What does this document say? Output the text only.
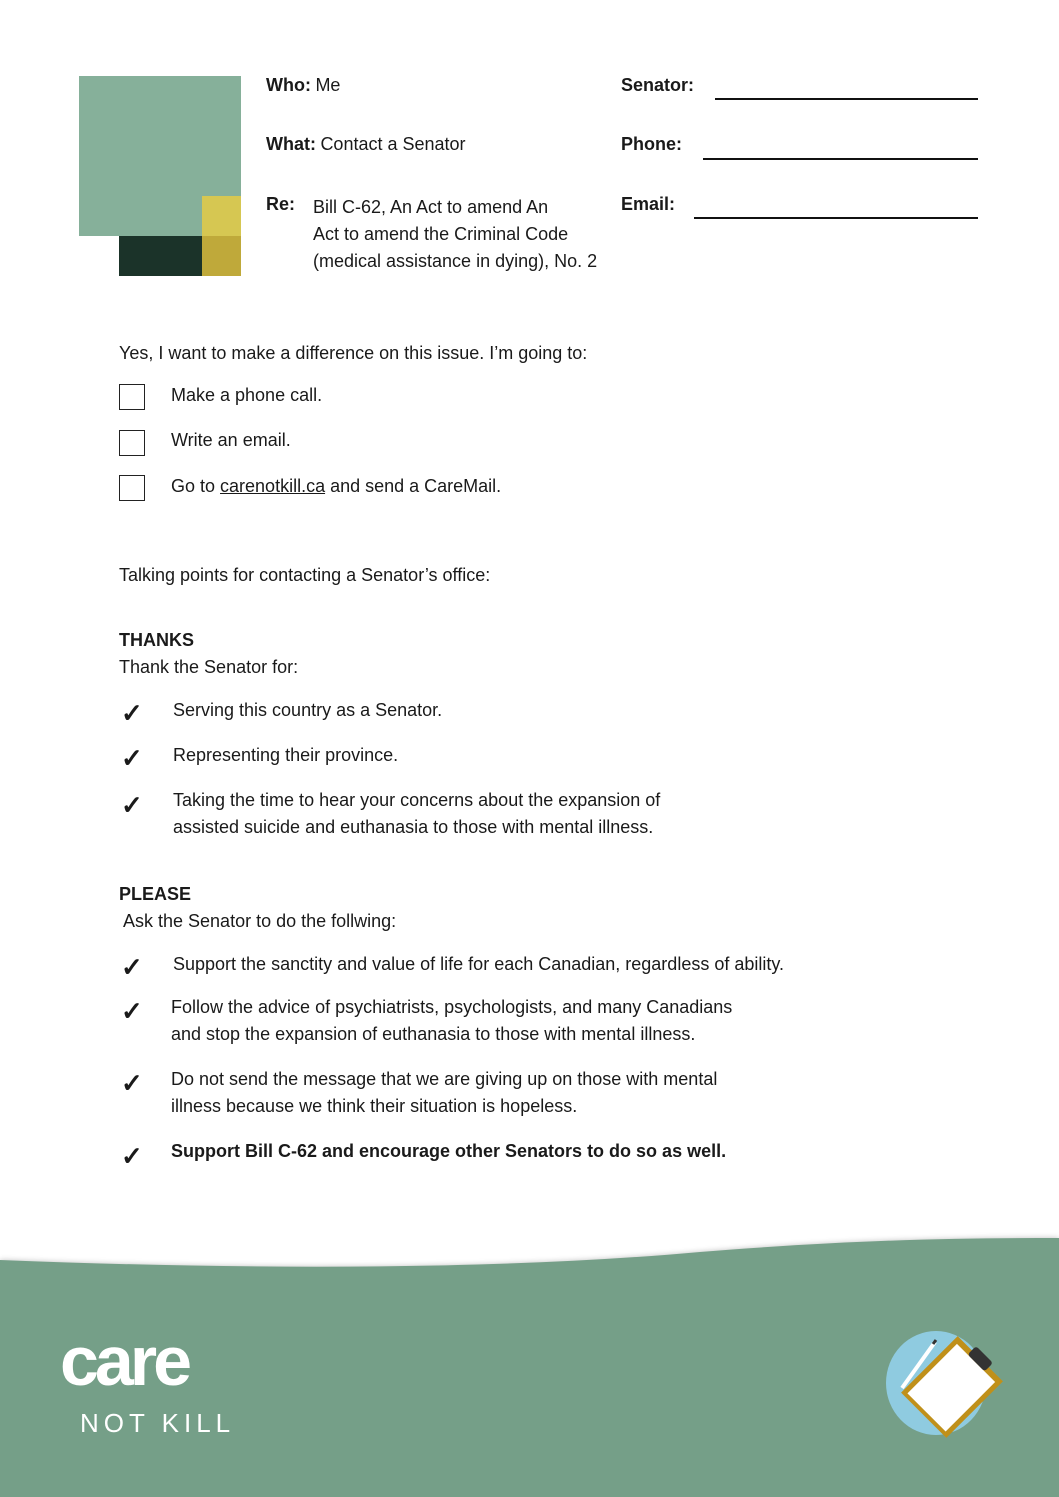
Who: Me
What: Contact a Senator
Re: Bill C-62, An Act to amend An
Act to amend the Criminal Code
(medical assistance in dying), No. 2
Senator:
Phone:
Email:
Yes, I want to make a difference on this issue. I’m going to:
Make a phone call.
Write an email.
Go to carenotkill.ca and send a CareMail.
Talking points for contacting a Senator’s office:
THANKS
Thank the Senator for:
✓ Serving this country as a Senator.
✓ Representing their province.
✓ Taking the time to hear your concerns about the expansion of
assisted suicide and euthanasia to those with mental illness.
PLEASE
Ask the Senator to do the follwing:
✓ Support the sanctity and value of life for each Canadian, regardless of ability.
✓ Follow the advice of psychiatrists, psychologists, and many Canadians
and stop the expansion of euthanasia to those with mental illness.
✓ Do not send the message that we are giving up on those with mental
illness because we think their situation is hopeless.
✓ Support Bill C-62 and encourage other Senators to do so as well.
care
NOT KILL
